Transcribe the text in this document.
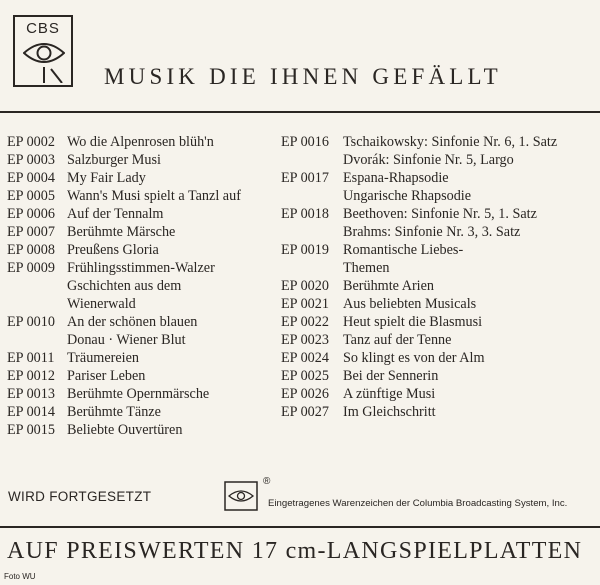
CBS
MUSIK DIE IHNEN GEFÄLLT
EP 0002 Wo die Alpenrosen blüh'n
EP 0003 Salzburger Musi
EP 0004 My Fair Lady
EP 0005 Wann's Musi spielt a Tanzl auf
EP 0006 Auf der Tennalm
EP 0007 Berühmte Märsche
EP 0008 Preußens Gloria
EP 0009 Frühlingsstimmen-Walzer
Gschichten aus dem
Wienerwald
EP 0010 An der schönen blauen
Donau · Wiener Blut
EP 0011 Träumereien
EP 0012 Pariser Leben
EP 0013 Berühmte Opernmärsche
EP 0014 Berühmte Tänze
EP 0015 Beliebte Ouvertüren
EP 0016 Tschaikowsky: Sinfonie Nr. 6, 1. Satz
Dvorák: Sinfonie Nr. 5, Largo
EP 0017 Espana-Rhapsodie
Ungarische Rhapsodie
EP 0018 Beethoven: Sinfonie Nr. 5, 1. Satz
Brahms: Sinfonie Nr. 3, 3. Satz
EP 0019 Romantische Liebes-
Themen
EP 0020 Berühmte Arien
EP 0021 Aus beliebten Musicals
EP 0022 Heut spielt die Blasmusi
EP 0023 Tanz auf der Tenne
EP 0024 So klingt es von der Alm
EP 0025 Bei der Sennerin
EP 0026 A zünftige Musi
EP 0027 Im Gleichschritt
WIRD FORTGESETZT
®
Eingetragenes Warenzeichen der Columbia Broadcasting System, Inc.
AUF PREISWERTEN 17 cm-LANGSPIELPLATTEN
Foto WU
